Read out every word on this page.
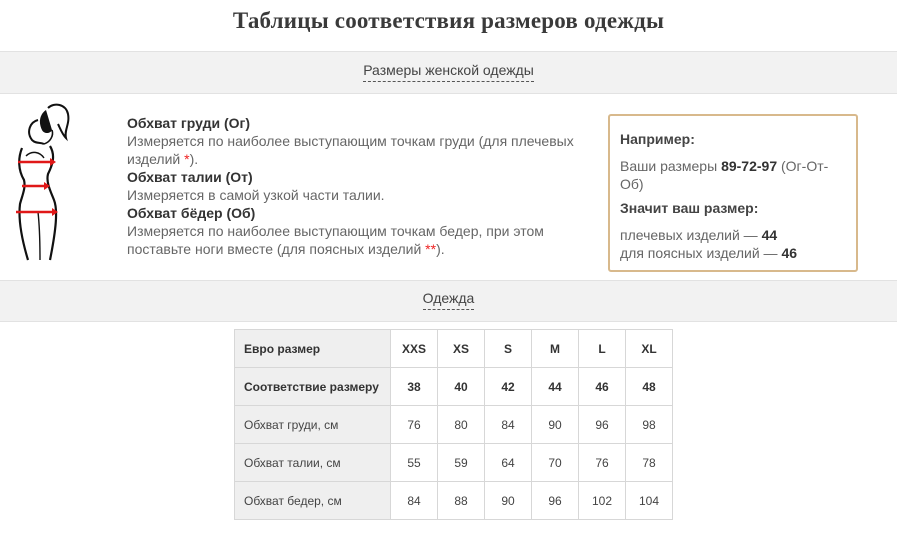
Таблицы соответствия размеров одежды
Размеры женской одежды
Обхват груди (Ог)
Измеряется по наиболее выступающим точкам груди (для плечевых изделий *).
Обхват талии (От)
Измеряется в самой узкой части талии.
Обхват бёдер (Об)
Измеряется по наиболее выступающим точкам бедер, при этом поставьте ноги вместе (для поясных изделий **).
Например:
Ваши размеры 89-72-97 (Ог-От-Об)
Значит ваш размер:
плечевых изделий — 44
для поясных изделий — 46
Одежда
Евро размер	XXS	XS	S	M	L	XL
Соответствие размеру	38	40	42	44	46	48
Обхват груди, см	76	80	84	90	96	98
Обхват талии, см	55	59	64	70	76	78
Обхват бедер, см	84	88	90	96	102	104
